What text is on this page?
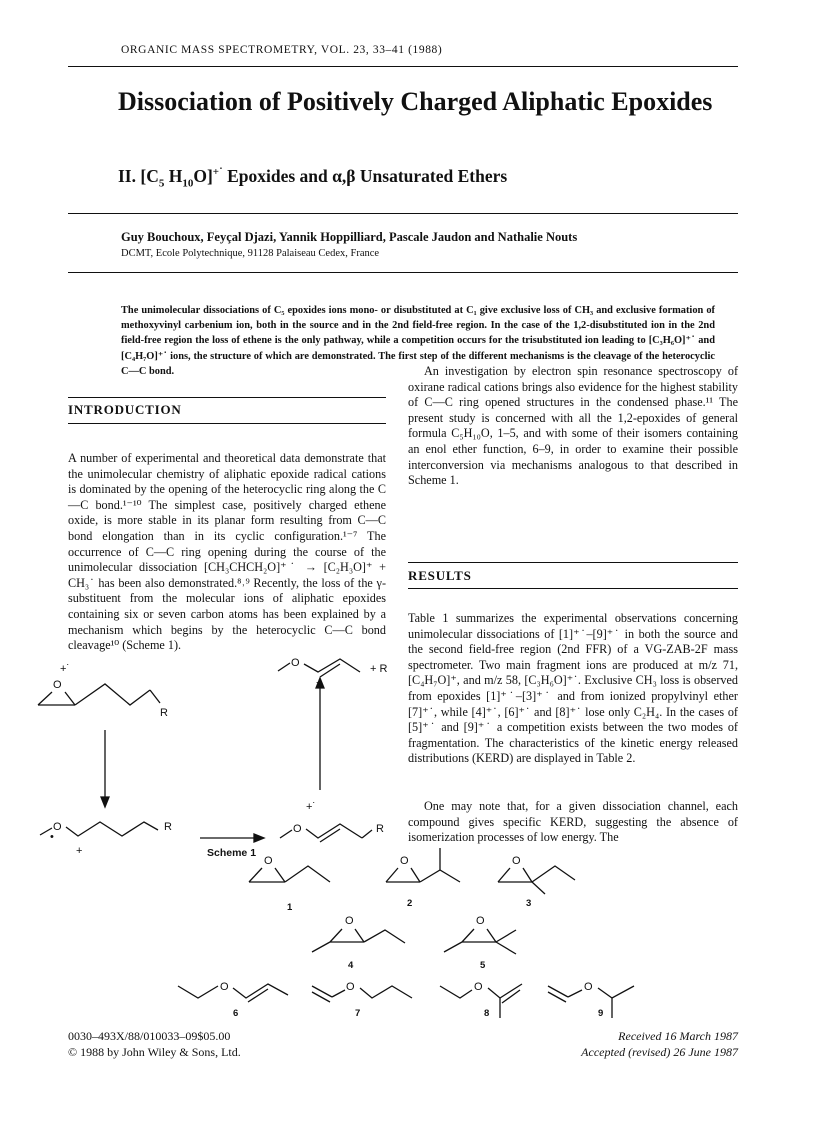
ORGANIC MASS SPECTROMETRY, VOL. 23, 33–41 (1988)
Dissociation of Positively Charged Aliphatic Epoxides
II. [$C_5$ $H_{10}O]^{+˙}$ Epoxides and α,β Unsaturated Ethers
Guy Bouchoux, Feyçal Djazi, Yannik Hoppilliard, Pascale Jaudon and Nathalie Nouts
DCMT, Ecole Polytechnique, 91128 Palaiseau Cedex, France
The unimolecular dissociations of C₅ epoxides ions mono- or disubstituted at C₁ give exclusive loss of CH₃ and exclusive formation of methoxyvinyl carbenium ion, both in the source and in the 2nd field-free region. In the case of the 1,2-disubstituted ion in the 2nd field-free region the loss of ethene is the only pathway, while a competition occurs for the trisubstituted ion leading to [C₃H₆O]⁺˙ and [C₄H₇O]⁺˙ ions, the structure of which are demonstrated. The first step of the different mechanisms is the cleavage of the heterocyclic C—C bond.
INTRODUCTION
A number of experimental and theoretical data demonstrate that the unimolecular chemistry of aliphatic epoxide radical cations is dominated by the opening of the heterocyclic ring along the C—C bond.¹⁻¹⁰ The simplest case, positively charged ethene oxide, is more stable in its planar form resulting from C—C bond elongation than in its cyclic configuration.¹⁻⁷ The occurrence of C—C ring opening during the course of the unimolecular dissociation [CH₃CHCH₂O]⁺˙ → [C₂H₃O]⁺ + CH₃˙ has been also demonstrated.⁸˒⁹ Recently, the loss of the γ-substituent from the molecular ions of aliphatic epoxides containing six or seven carbon atoms has been explained by a mechanism which begins by the heterocyclic C—C bond cleavage¹⁰ (Scheme 1).
An investigation by electron spin resonance spectroscopy of oxirane radical cations brings also evidence for the highest stability of C—C ring opened structures in the condensed phase.¹¹ The present study is concerned with all the 1,2-epoxides of general formula C₅H₁₀O, 1–5, and with some of their isomers containing an enol ether function, 6–9, in order to examine their possible interconversion via mechanisms analogous to that described in Scheme 1.
RESULTS
Table 1 summarizes the experimental observations concerning unimolecular dissociations of [1]⁺˙–[9]⁺˙ in both the source and the second field-free region (2nd FFR) of a VG-ZAB-2F mass spectrometer. Two main fragment ions are produced at m/z 71, [C₄H₇O]⁺, and m/z 58, [C₃H₆O]⁺˙. Exclusive CH₃ loss is observed from epoxides [1]⁺˙–[3]⁺˙ and from ionized propylvinyl ether [7]⁺˙, while [4]⁺˙, [6]⁺˙ and [8]⁺˙ lose only C₂H₄. In the cases of [5]⁺˙ and [9]⁺˙ a competition exists between the two modes of fragmentation. The characteristics of the kinetic energy released distributions (KERD) are displayed in Table 2.
One may note that, for a given dissociation channel, each compound gives specific KERD, suggesting the absence of isomerization processes of low energy. The
+˙
O
R
•
O	R
+	Scheme 1
+˙
O	R
O
+
+ R
O
1
O
2
O
3
O
4
O
5
O
6
O
7
O
8
O
9
0030–493X/88/010033–09$05.00
© 1988 by John Wiley & Sons, Ltd.
Received 16 March 1987
Accepted (revised) 26 June 1987
